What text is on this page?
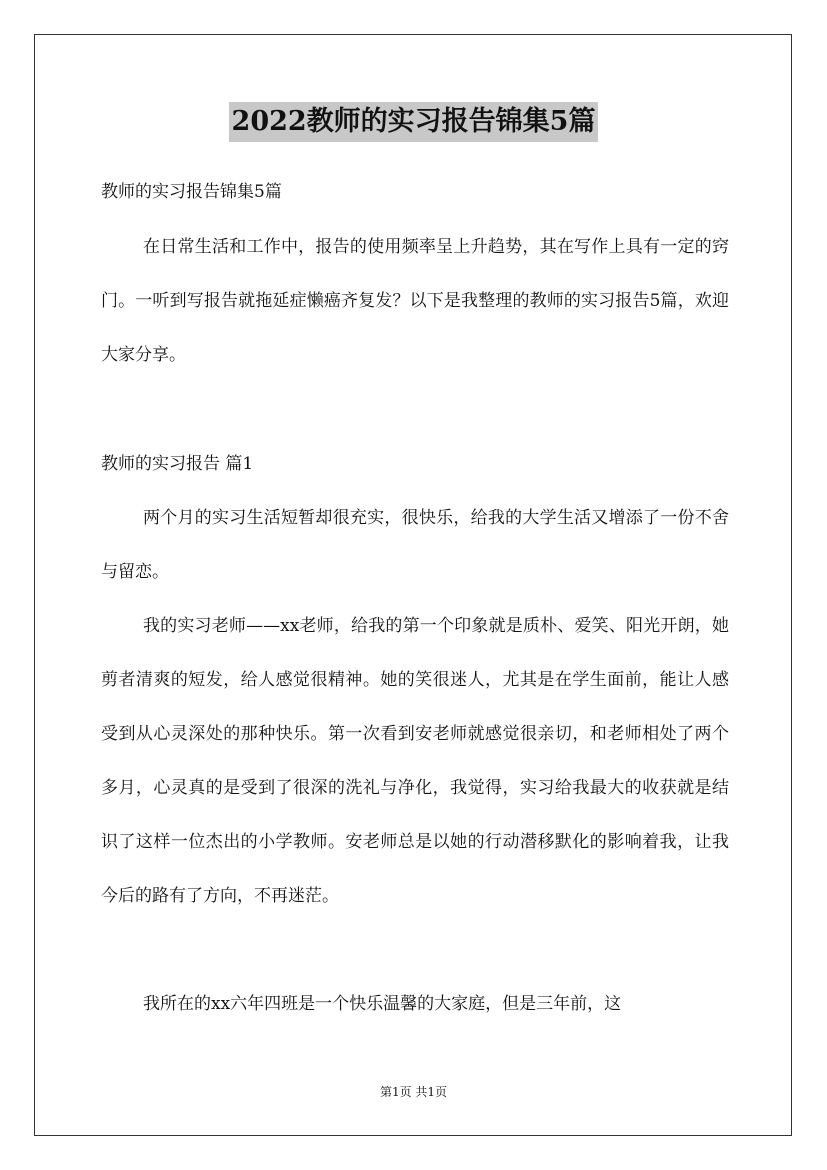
2022教师的实习报告锦集5篇
教师的实习报告锦集5篇

在日常生活和工作中，报告的使用频率呈上升趋势，其在写作上具有一定的窍门。一听到写报告就拖延症懒癌齐复发？以下是我整理的教师的实习报告5篇，欢迎大家分享。

教师的实习报告 篇1

两个月的实习生活短暂却很充实，很快乐，给我的大学生活又增添了一份不舍与留恋。

我的实习老师——xx老师，给我的第一个印象就是质朴、爱笑、阳光开朗，她剪者清爽的短发，给人感觉很精神。她的笑很迷人，尤其是在学生面前，能让人感受到从心灵深处的那种快乐。第一次看到安老师就感觉很亲切，和老师相处了两个多月，心灵真的是受到了很深的洗礼与净化，我觉得，实习给我最大的收获就是结识了这样一位杰出的小学教师。安老师总是以她的行动潜移默化的影响着我，让我今后的路有了方向，不再迷茫。

我所在的xx六年四班是一个快乐温馨的大家庭，但是三年前，这

第1页 共1页
